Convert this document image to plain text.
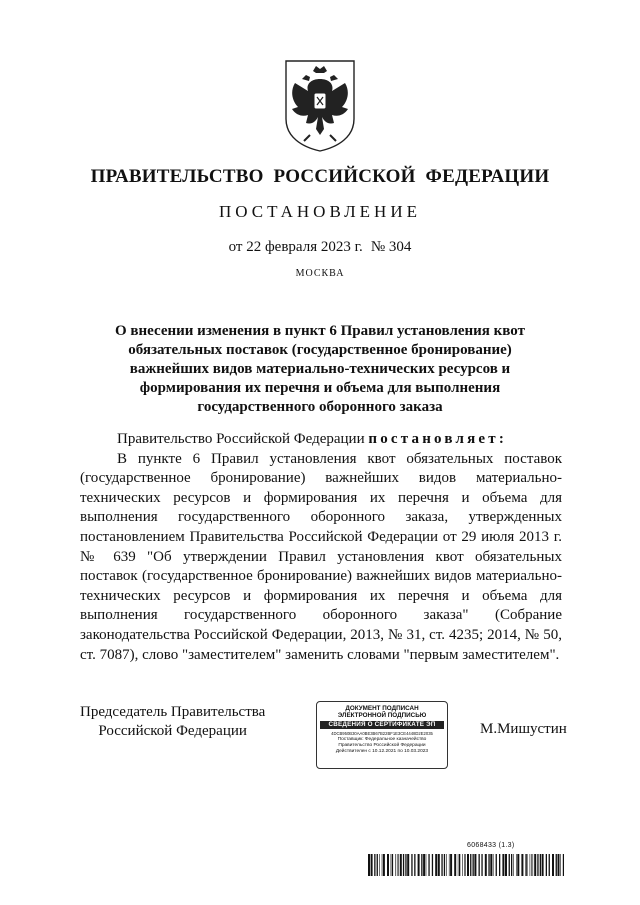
ПРАВИТЕЛЬСТВО РОССИЙСКОЙ ФЕДЕРАЦИИ
ПОСТАНОВЛЕНИЕ
от 22 февраля 2023 г. № 304
МОСКВА
О внесении изменения в пункт 6 Правил установления квот обязательных поставок (государственное бронирование) важнейших видов материально-технических ресурсов и формирования их перечня и объема для выполнения государственного оборонного заказа

Правительство Российской Федерации постановляет:

В пункте 6 Правил установления квот обязательных поставок (государственное бронирование) важнейших видов материально-технических ресурсов и формирования их перечня и объема для выполнения государственного оборонного заказа, утвержденных постановлением Правительства Российской Федерации от 29 июля 2013 г. № 639 "Об утверждении Правил установления квот обязательных поставок (государственное бронирование) важнейших видов материально-технических ресурсов и формирования их перечня и объема для выполнения государственного оборонного заказа" (Собрание законодательства Российской Федерации, 2013, № 31, ст. 4235; 2014, № 50, ст. 7087), слово "заместителем" заменить словами "первым заместителем".

Председатель Правительства
Российской Федерации
ДОКУМЕНТ ПОДПИСАН
ЭЛЕКТРОННОЙ ПОДПИСЬЮ
СВЕДЕНИЯ О СЕРТИФИКАТЕ ЭП
4DCB950B30AA0BE3B67B22BF1E3CE4448D2E2035
Поставщик: Федеральное казначейство
Правительство Российской Федерации
Действителен с 10.12.2021 по 10.03.2023
М.Мишустин
6068433 (1.3)
